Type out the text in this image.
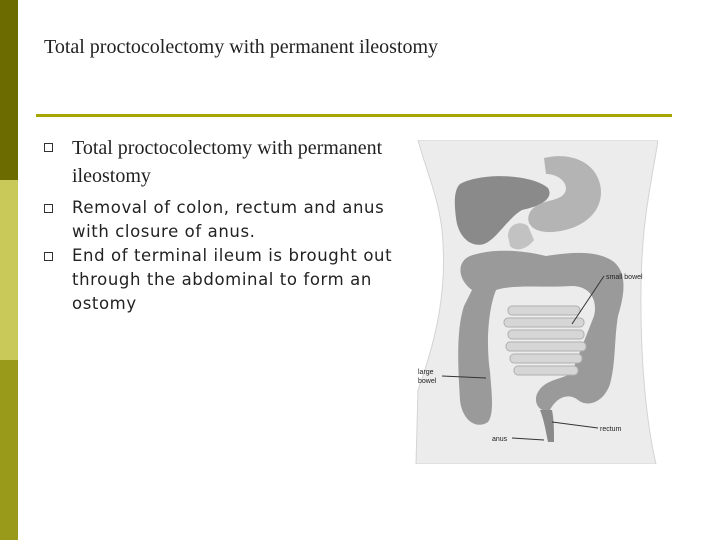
Total proctocolectomy with permanent ileostomy
Total proctocolectomy with permanent ileostomy
Removal of colon, rectum and anus with closure of anus.
End of terminal ileum is brought out through the abdominal to form an ostomy
small bowel
large
bowel
rectum
anus
